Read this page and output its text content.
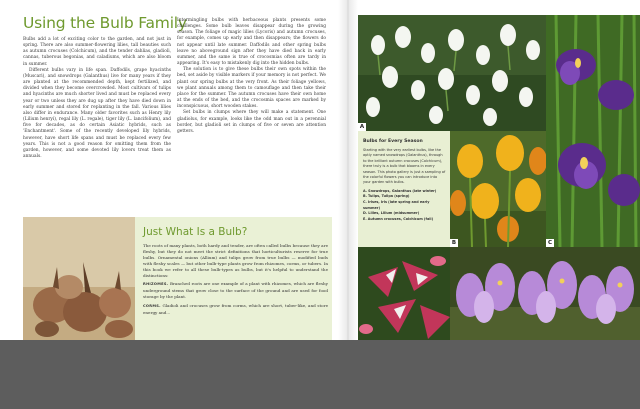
Using the Bulb Family

Bulbs add a lot of exciting color to the garden, and not just in spring. There are also summer-flowering lilies, tall beauties such as autumn crocuses (Colchicum), and the tender dahlias, gladioli, cannas, tuberous begonias, and caladiums, which are also bloom in summer.

Different bulbs vary in life span. Daffodils, grape hyacinths (Muscari), and snowdrops (Galanthus) live for many years if they are planted at the recommended depth, kept fertilized, and divided when they become overcrowded. Most cultivars of tulips and hyacinths are much shorter lived and must be replaced every year or two unless they are dug up after they have died down in early summer and stored for replanting in the fall. Various lilies also differ in endurance. Many older favorites such as Henry lily (Lilium henryi), regal lily (L. regale), tiger lily (L. lancifolium), and five for decades, as do certain Asiatic hybrids, such as 'Enchantment'. Some of the recently developed lily hybrids, however, have short life spans and must be replaced every few years. This is not a good reason for omitting them from the garden, however, and some devoted lily lovers treat them as annuals.

Intermingling bulbs with herbaceous plants presents some challenges. Some bulb leaves disappear during the growing season. The foliage of magic lilies (Lycoris) and autumn crocuses, for example, comes up early and then disappears; the flowers do not appear until late summer. Daffodils and other spring bulbs leave no aboveground sign after they have died back in early summer, and the same is true of crocosmias often are tardy in appearing. It's easy to mistakenly dig into the hidden bulbs.

The solution is to give these bulbs their own spots within the bed, set aside by visible markers if your memory is not perfect. We plant our spring bulbs at the very front. As their foliage yellows, we plant annuals among them to camouflage and then take their place for the summer. The autumn crocuses have their own home at the ends of the bed, and the crocosmia spaces are marked by inconspicuous, short wooden stakes.

Set bulbs in clumps where they will make a statement. One gladiolus, for example, looks like the odd man out in a perennial border, but gladioli set in clumps of five or seven are attention getters.

Just What Is a Bulb?

The roots of many plants, both hardy and tender, are often called bulbs because they are fleshy, but they do not meet the strict definitions that horticulturists reserve for true bulbs. Ornamental onions (Allium) and tulips grow from true bulbs — modified buds with fleshy scales — but other bulb-type plants grow from rhizomes, corms, or tubers. In this book we refer to all these bulb-types as bulbs, but it's helpful to understand the distinctions:

RHIZOMES. Branched roots are one example of a plant with rhizomes, which are fleshy underground stems that grow close to the surface of the ground and are used for food storage by the plant.

CORMS. Gladioli and crocuses grow from corms, which are short, tuber-like, and store energy and...

A
Bulbs for Every Season

Starting with the very earliest bulbs, like the aptly named snowdrops (Galanthus), through to the brilliant autumn crocuses (Colchicum), there truly is a bulb that blooms in every season. This photo gallery is just a sampling of the colorful flowers you can introduce into your garden with bulbs.

A. Snowdrops, Galanthus (late winter)
B. Tulips, Tulipa (spring)
C. Irises, Iris (late spring and early summer)
D. Lilies, Lilium (midsummer)
E. Autumn crocuses, Colchicum (fall)
B	C
